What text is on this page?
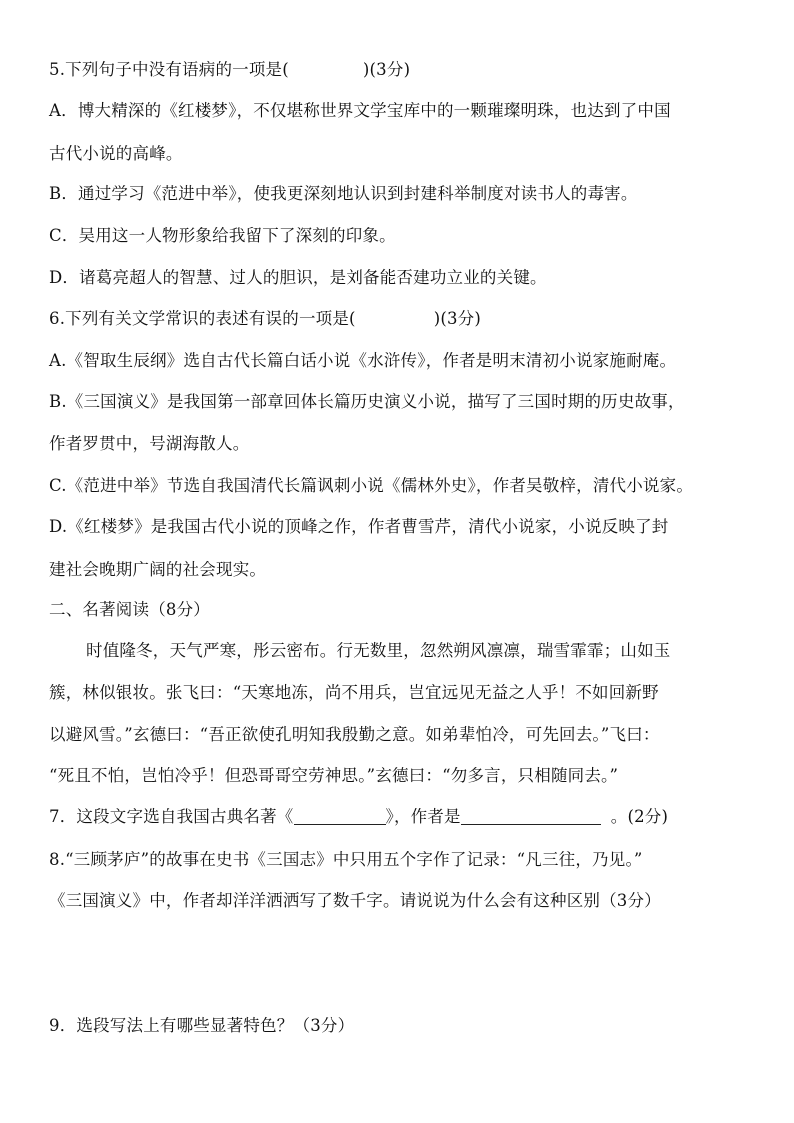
5.下列句子中没有语病的一项是(	)(3分)
A．博大精深的《红楼梦》，不仅堪称世界文学宝库中的一颗璀璨明珠，也达到了中国
古代小说的高峰。
B．通过学习《范进中举》，使我更深刻地认识到封建科举制度对读书人的毒害。
C．吴用这一人物形象给我留下了深刻的印象。
D．诸葛亮超人的智慧、过人的胆识，是刘备能否建功立业的关键。
6.下列有关文学常识的表述有误的一项是(	)(3分)
A.《智取生辰纲》选自古代长篇白话小说《水浒传》，作者是明末清初小说家施耐庵。
B.《三国演义》是我国第一部章回体长篇历史演义小说，描写了三国时期的历史故事，
作者罗贯中，号湖海散人。
C.《范进中举》节选自我国清代长篇讽刺小说《儒林外史》，作者吴敬梓，清代小说家。
D.《红楼梦》是我国古代小说的顶峰之作，作者曹雪芹，清代小说家，小说反映了封
建社会晚期广阔的社会现实。
二、名著阅读（8分）
时值隆冬，天气严寒，彤云密布。行无数里，忽然朔风凛凛，瑞雪霏霏；山如玉
簇，林似银妆。张飞曰：“天寒地冻，尚不用兵，岂宜远见无益之人乎！不如回新野
以避风雪。”玄德曰：“吾正欲使孔明知我殷勤之意。如弟辈怕冷，可先回去。”飞曰：
“死且不怕，岂怕冷乎！但恐哥哥空劳神思。”玄德曰：“勿多言，只相随同去。”
7．这段文字选自我国古典名著《	》，作者是	。(2分)
8.“三顾茅庐”的故事在史书《三国志》中只用五个字作了记录：“凡三往，乃见。”
《三国演义》中，作者却洋洋洒洒写了数千字。请说说为什么会有这种区别（3分）
9．选段写法上有哪些显著特色？（3分）
